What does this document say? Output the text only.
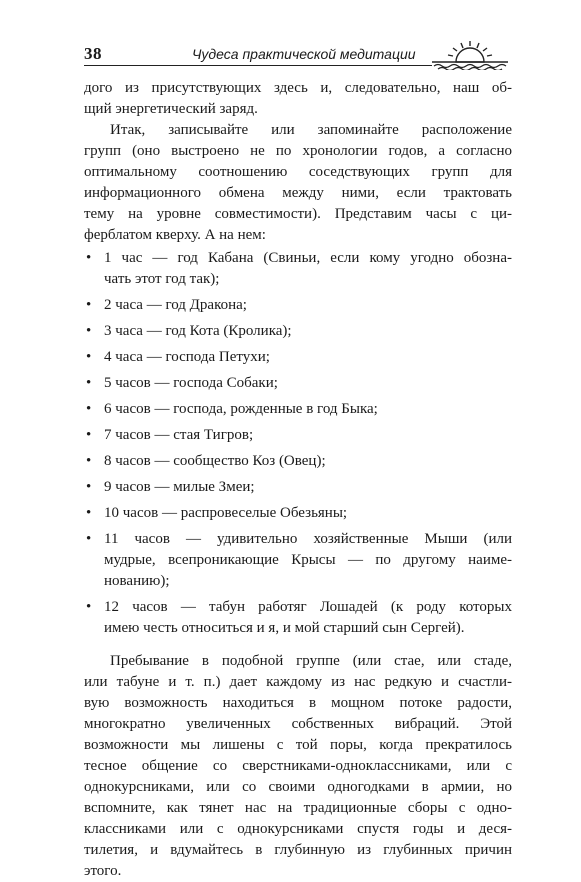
38	Чудеса практической медитации
дого из присутствующих здесь и, следовательно, наш об-
щий энергетический заряд.
Итак, записывайте или запоминайте расположение
групп (оно выстроено не по хронологии годов, а согласно
оптимальному соотношению соседствующих групп для
информационного обмена между ними, если трактовать
тему на уровне совместимости). Представим часы с ци-
ферблатом кверху. А на нем:
• 1 час — год Кабана (Свиньи, если кому угодно обозна-
чать этот год так);
• 2 часа — год Дракона;
• 3 часа — год Кота (Кролика);
• 4 часа — господа Петухи;
• 5 часов — господа Собаки;
• 6 часов — господа, рожденные в год Быка;
• 7 часов — стая Тигров;
• 8 часов — сообщество Коз (Овец);
• 9 часов — милые Змеи;
• 10 часов — распровеселые Обезьяны;
• 11 часов — удивительно хозяйственные Мыши (или
мудрые, всепроникающие Крысы — по другому наиме-
нованию);
• 12 часов — табун работяг Лошадей (к роду которых
имею честь относиться и я, и мой старший сын Сергей).
Пребывание в подобной группе (или стае, или стаде,
или табуне и т. п.) дает каждому из нас редкую и счастли-
вую возможность находиться в мощном потоке радости,
многократно увеличенных собственных вибраций. Этой
возможности мы лишены с той поры, когда прекратилось
тесное общение со сверстниками-одноклассниками, или с
однокурсниками, или со своими одногодками в армии, но
вспомните, как тянет нас на традиционные сборы с одно-
классниками или с однокурсниками спустя годы и деся-
тилетия, и вдумайтесь в глубинную из глубинных причин
этого.
